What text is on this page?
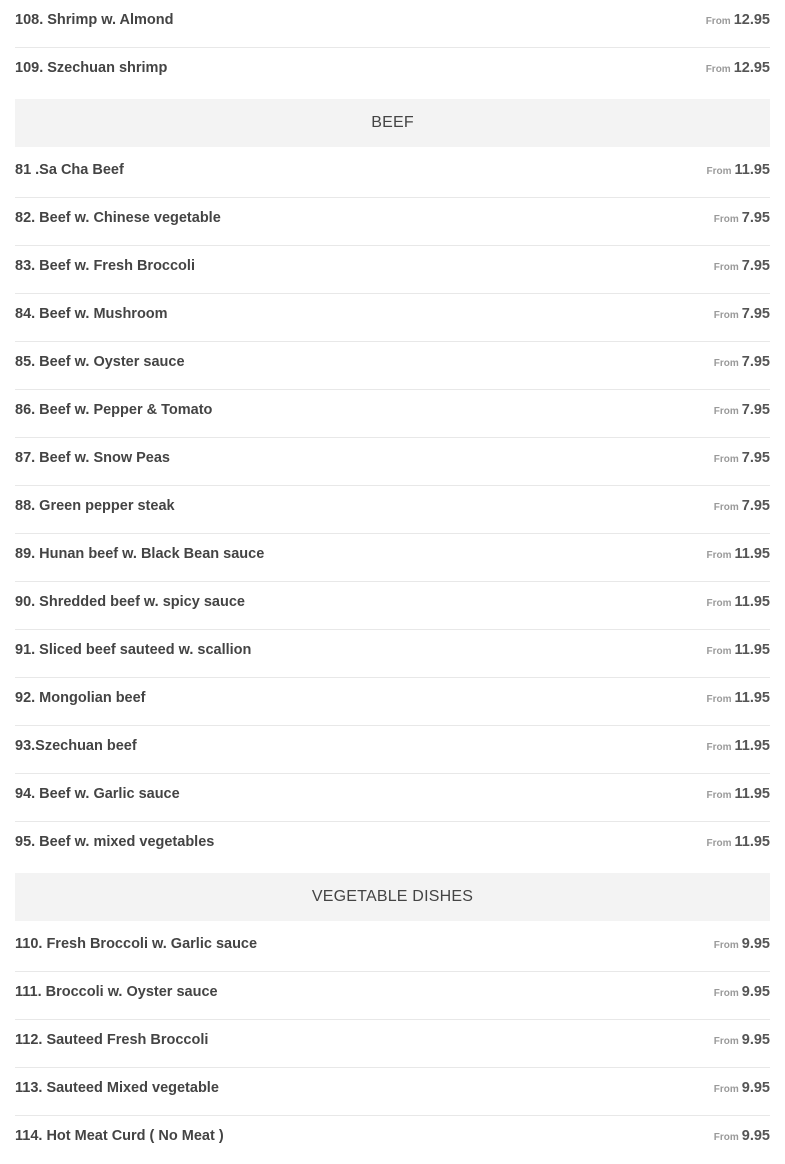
108. Shrimp w. Almond	From 12.95
109. Szechuan shrimp	From 12.95
BEEF
81 .Sa Cha Beef	From 11.95
82. Beef w. Chinese vegetable	From 7.95
83. Beef w. Fresh Broccoli	From 7.95
84. Beef w. Mushroom	From 7.95
85. Beef w. Oyster sauce	From 7.95
86. Beef w. Pepper & Tomato	From 7.95
87. Beef w. Snow Peas	From 7.95
88. Green pepper steak	From 7.95
89. Hunan beef w. Black Bean sauce	From 11.95
90. Shredded beef w. spicy sauce	From 11.95
91. Sliced beef sauteed w. scallion	From 11.95
92. Mongolian beef	From 11.95
93.Szechuan beef	From 11.95
94. Beef w. Garlic sauce	From 11.95
95. Beef w. mixed vegetables	From 11.95
VEGETABLE DISHES
110. Fresh Broccoli w. Garlic sauce	From 9.95
111. Broccoli w. Oyster sauce	From 9.95
112. Sauteed Fresh Broccoli	From 9.95
113. Sauteed Mixed vegetable	From 9.95
114. Hot Meat Curd ( No Meat )	From 9.95
